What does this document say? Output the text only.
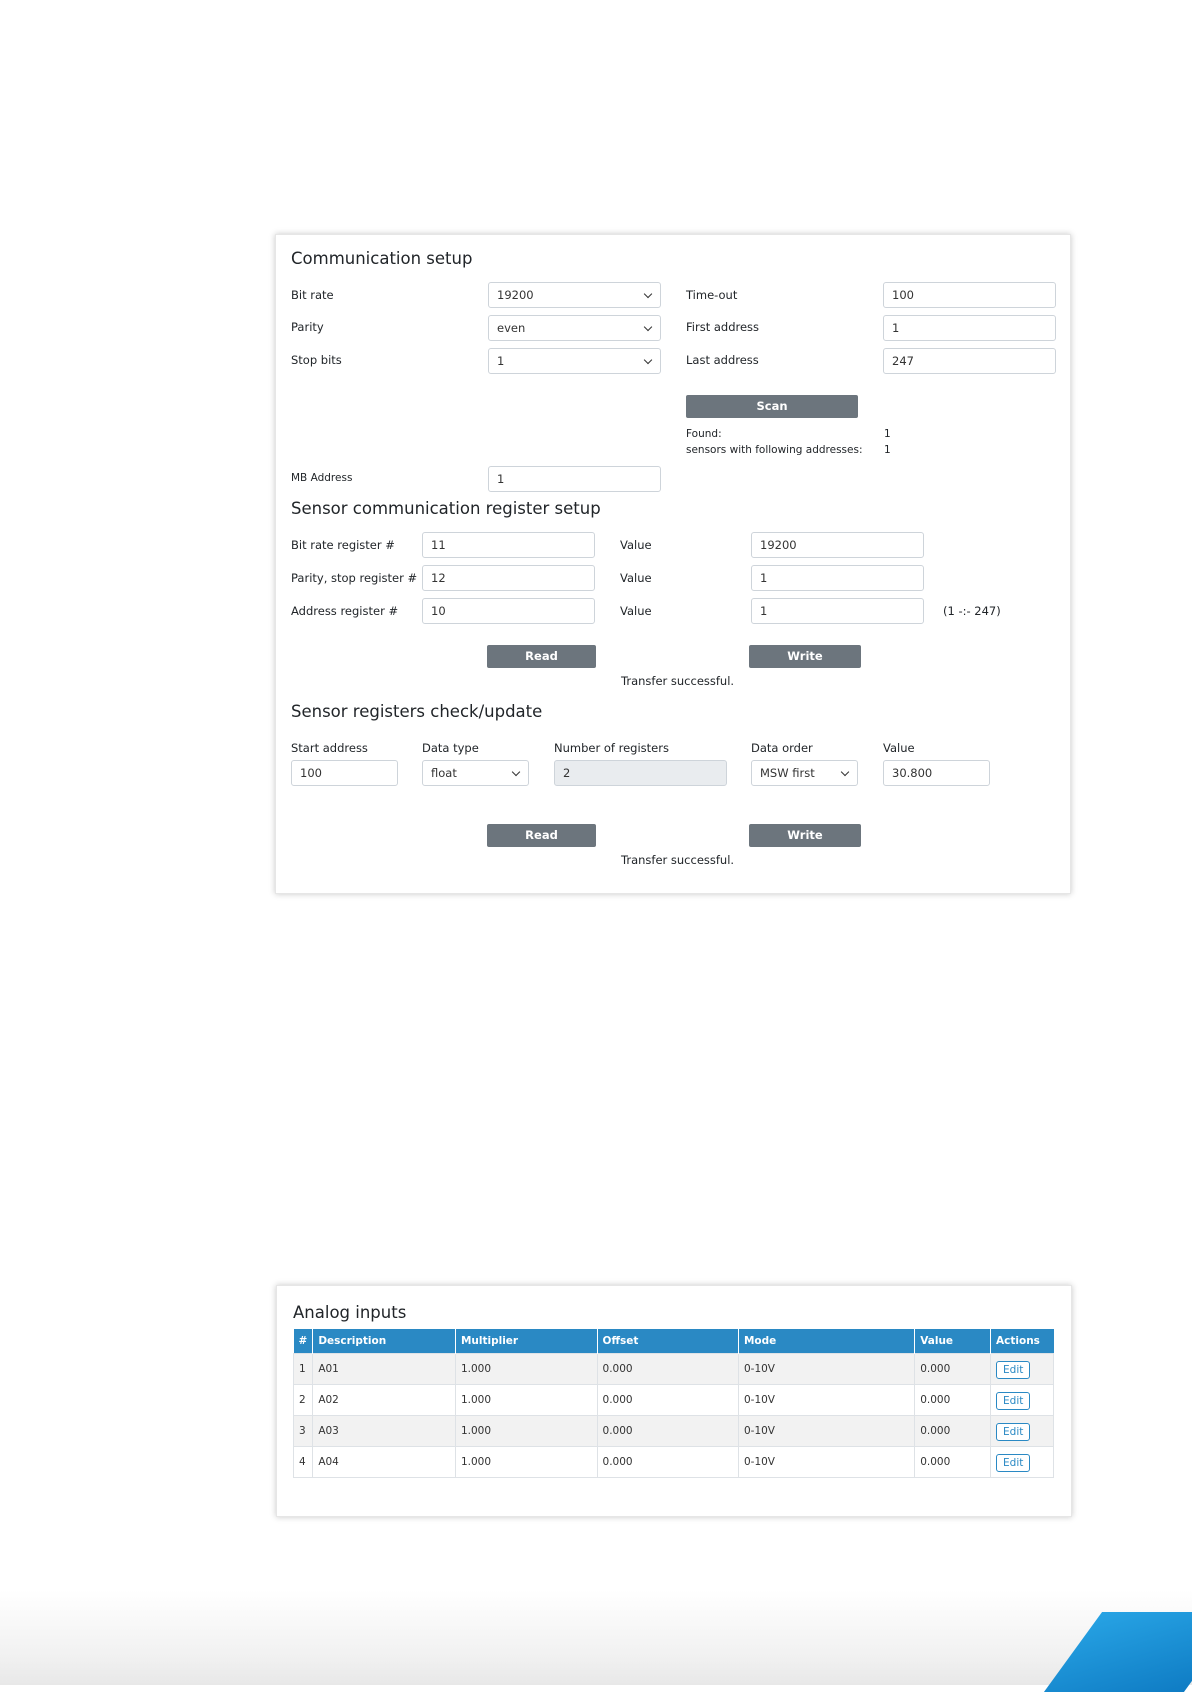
Communication setup
Bit rate	19200
Parity	even
Stop bits	1
Time-out	100
First address	1
Last address	247
Scan
Found:	1
sensors with following addresses: 1
MB Address	1
Sensor communication register setup
Bit rate register #	11	Value	19200
Parity, stop register #	12	Value	1
Address register #	10	Value	1	(1 -:- 247)
Read	Write
Transfer successful.
Sensor registers check/update
Start address
100
Data type
float
Number of registers
2
Data order
MSW first
Value
30.800
Read	Write
Transfer successful.
Analog inputs
#	Description	Multiplier	Offset	Mode	Value	Actions
1	A01	1.000	0.000	0-10V	0.000	Edit
2	A02	1.000	0.000	0-10V	0.000	Edit
3	A03	1.000	0.000	0-10V	0.000	Edit
4	A04	1.000	0.000	0-10V	0.000	Edit
